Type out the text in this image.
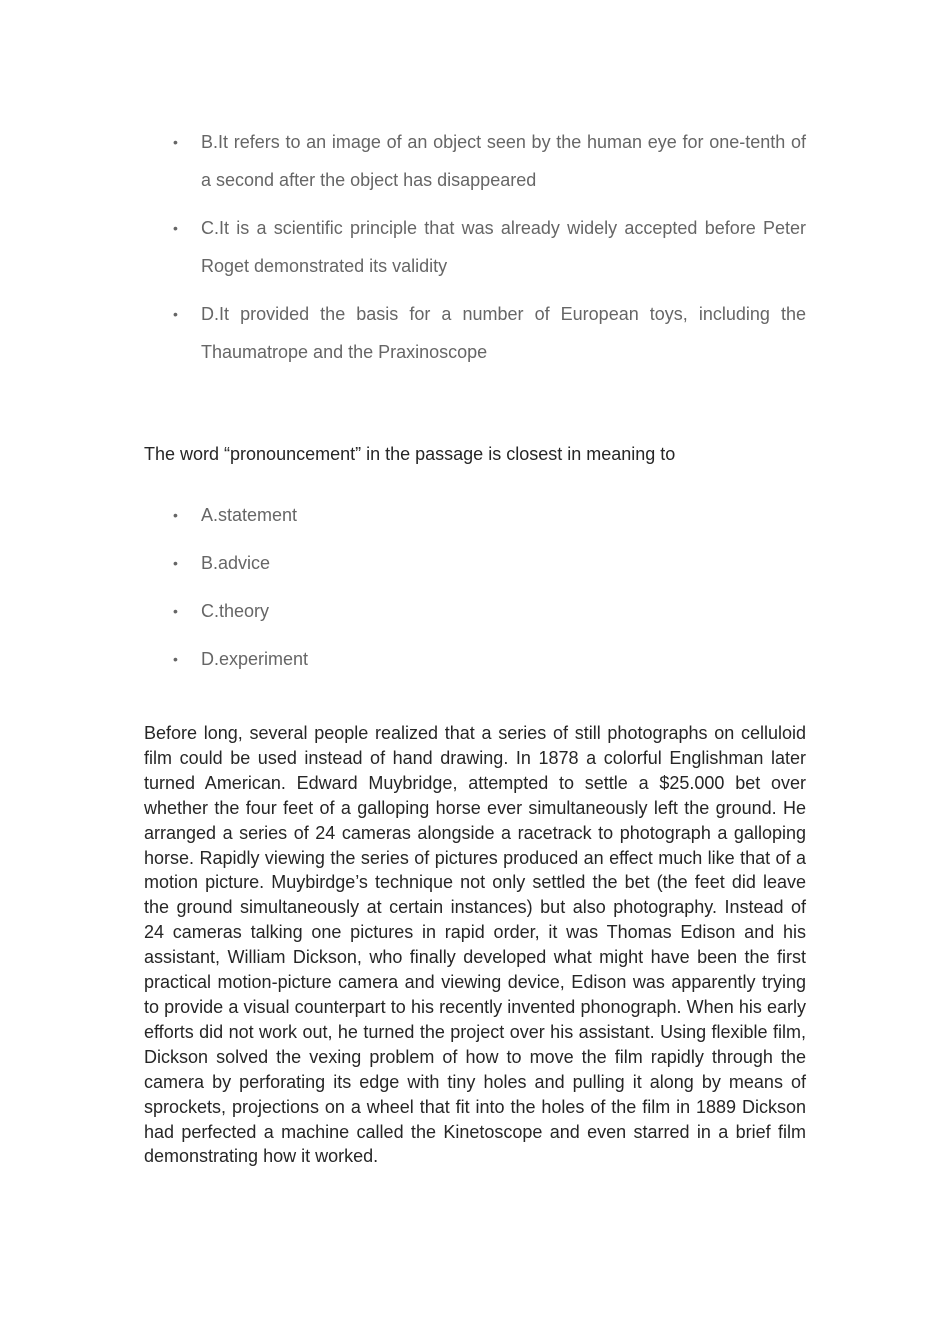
• B.It refers to an image of an object seen by the human eye for one-tenth of a second after the object has disappeared
• C.It is a scientific principle that was already widely accepted before Peter Roget demonstrated its validity
• D.It provided the basis for a number of European toys, including the Thaumatrope and the Praxinoscope

The word “pronouncement” in the passage is closest in meaning to

• A.statement
• B.advice
• C.theory
• D.experiment

Before long, several people realized that a series of still photographs on celluloid film could be used instead of hand drawing. In 1878 a colorful Englishman later turned American. Edward Muybridge, attempted to settle a $25.000 bet over whether the four feet of a galloping horse ever simultaneously left the ground. He arranged a series of 24 cameras alongside a racetrack to photograph a galloping horse. Rapidly viewing the series of pictures produced an effect much like that of a motion picture. Muybirdge’s technique not only settled the bet (the feet did leave the ground simultaneously at certain instances) but also photography. Instead of 24 cameras talking one pictures in rapid order, it was Thomas Edison and his assistant, William Dickson, who finally developed what might have been the first practical motion-picture camera and viewing device, Edison was apparently trying to provide a visual counterpart to his recently invented phonograph. When his early efforts did not work out, he turned the project over his assistant. Using flexible film, Dickson solved the vexing problem of how to move the film rapidly through the camera by perforating its edge with tiny holes and pulling it along by means of sprockets, projections on a wheel that fit into the holes of the film in 1889 Dickson had perfected a machine called the Kinetoscope and even starred in a brief film demonstrating how it worked.
